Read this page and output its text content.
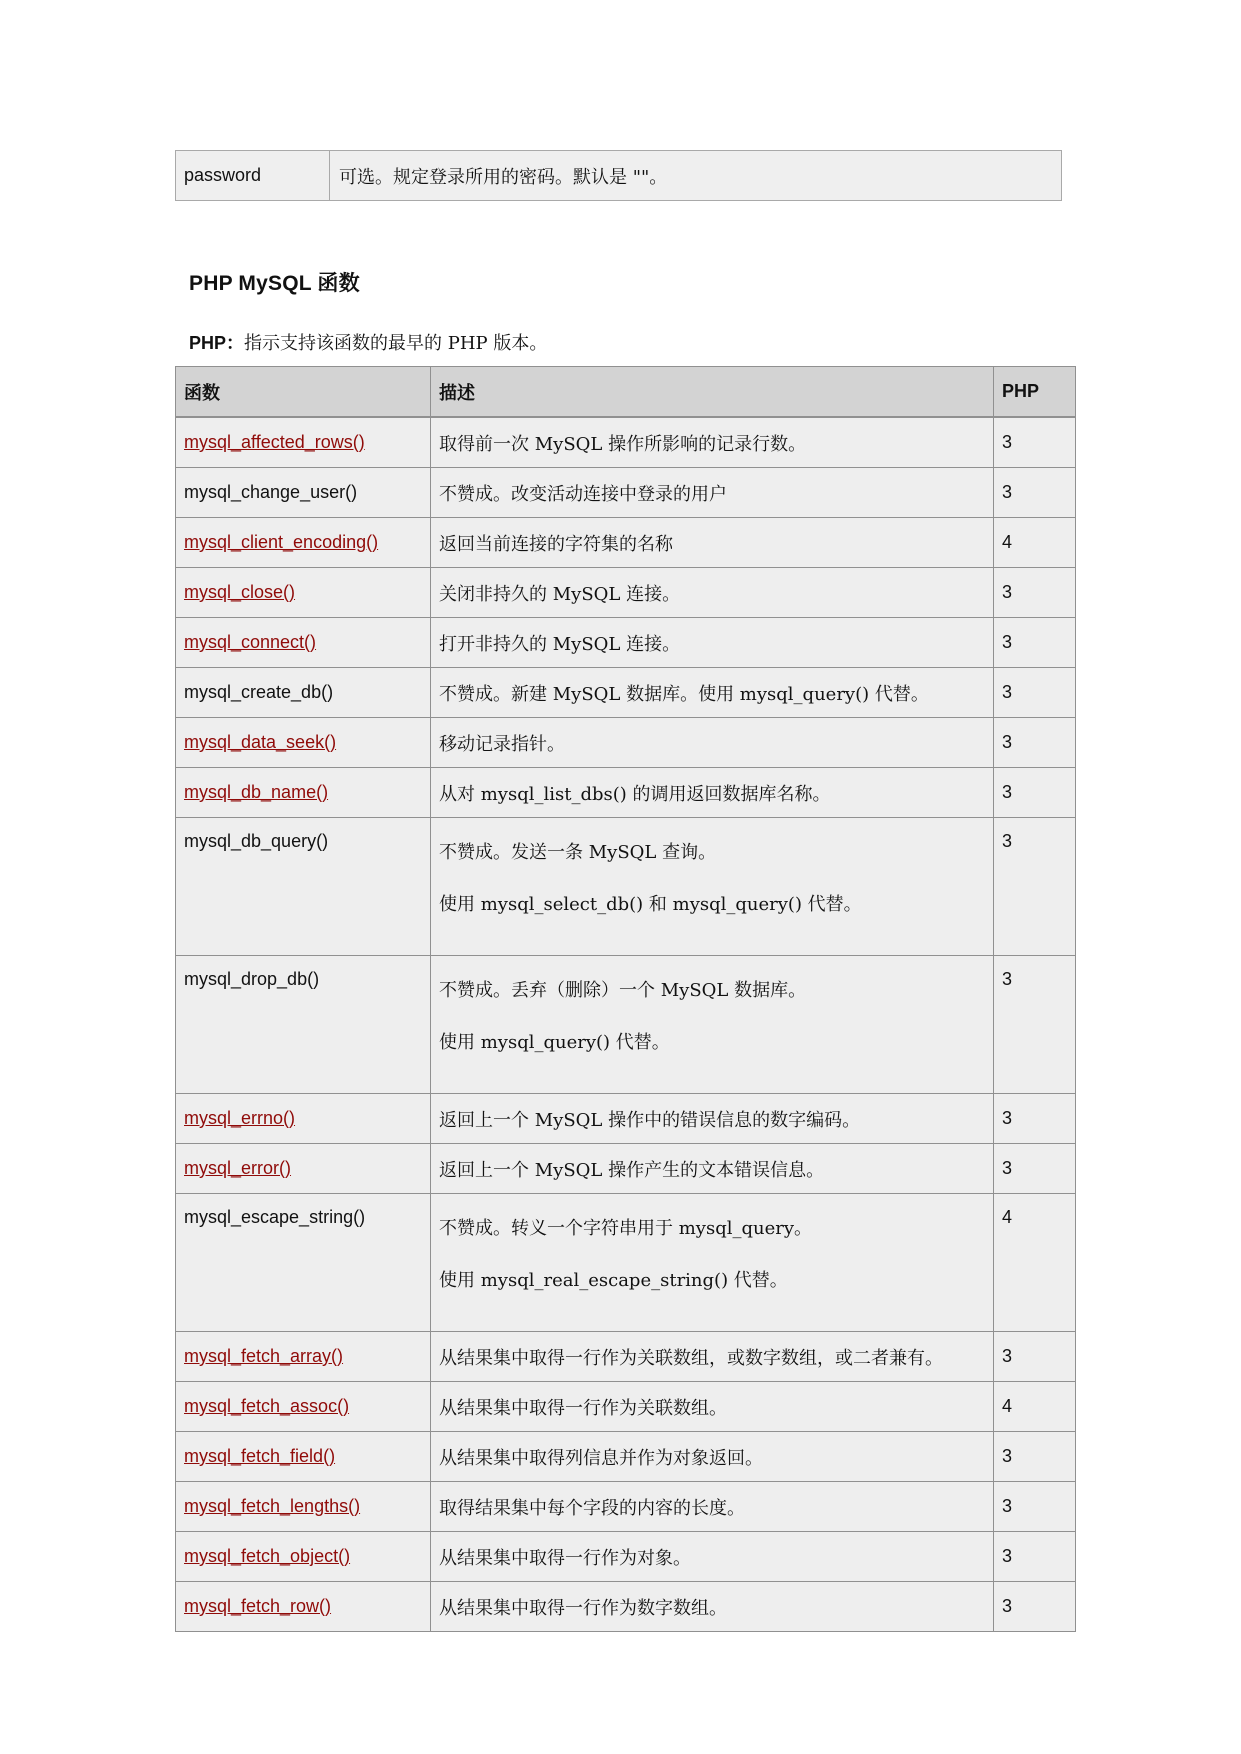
password	可选。规定登录所用的密码。默认是 ""。
PHP MySQL 函数

PHP：指示支持该函数的最早的 PHP 版本。

函数	描述	PHP
mysql_affected_rows()	取得前一次 MySQL 操作所影响的记录行数。	3
mysql_change_user()	不赞成。改变活动连接中登录的用户	3
mysql_client_encoding()	返回当前连接的字符集的名称	4
mysql_close()	关闭非持久的 MySQL 连接。	3
mysql_connect()	打开非持久的 MySQL 连接。	3
mysql_create_db()	不赞成。新建 MySQL 数据库。使用 mysql_query() 代替。	3
mysql_data_seek()	移动记录指针。	3
mysql_db_name()	从对 mysql_list_dbs() 的调用返回数据库名称。	3
mysql_db_query()	不赞成。发送一条 MySQL 查询。

使用 mysql_select_db() 和 mysql_query() 代替。	3
mysql_drop_db()	不赞成。丢弃（删除）一个 MySQL 数据库。

使用 mysql_query() 代替。	3
mysql_errno()	返回上一个 MySQL 操作中的错误信息的数字编码。	3
mysql_error()	返回上一个 MySQL 操作产生的文本错误信息。	3
mysql_escape_string()	不赞成。转义一个字符串用于 mysql_query。

使用 mysql_real_escape_string() 代替。	4
mysql_fetch_array()	从结果集中取得一行作为关联数组，或数字数组，或二者兼有。	3
mysql_fetch_assoc()	从结果集中取得一行作为关联数组。	4
mysql_fetch_field()	从结果集中取得列信息并作为对象返回。	3
mysql_fetch_lengths()	取得结果集中每个字段的内容的长度。	3
mysql_fetch_object()	从结果集中取得一行作为对象。	3
mysql_fetch_row()	从结果集中取得一行作为数字数组。	3
